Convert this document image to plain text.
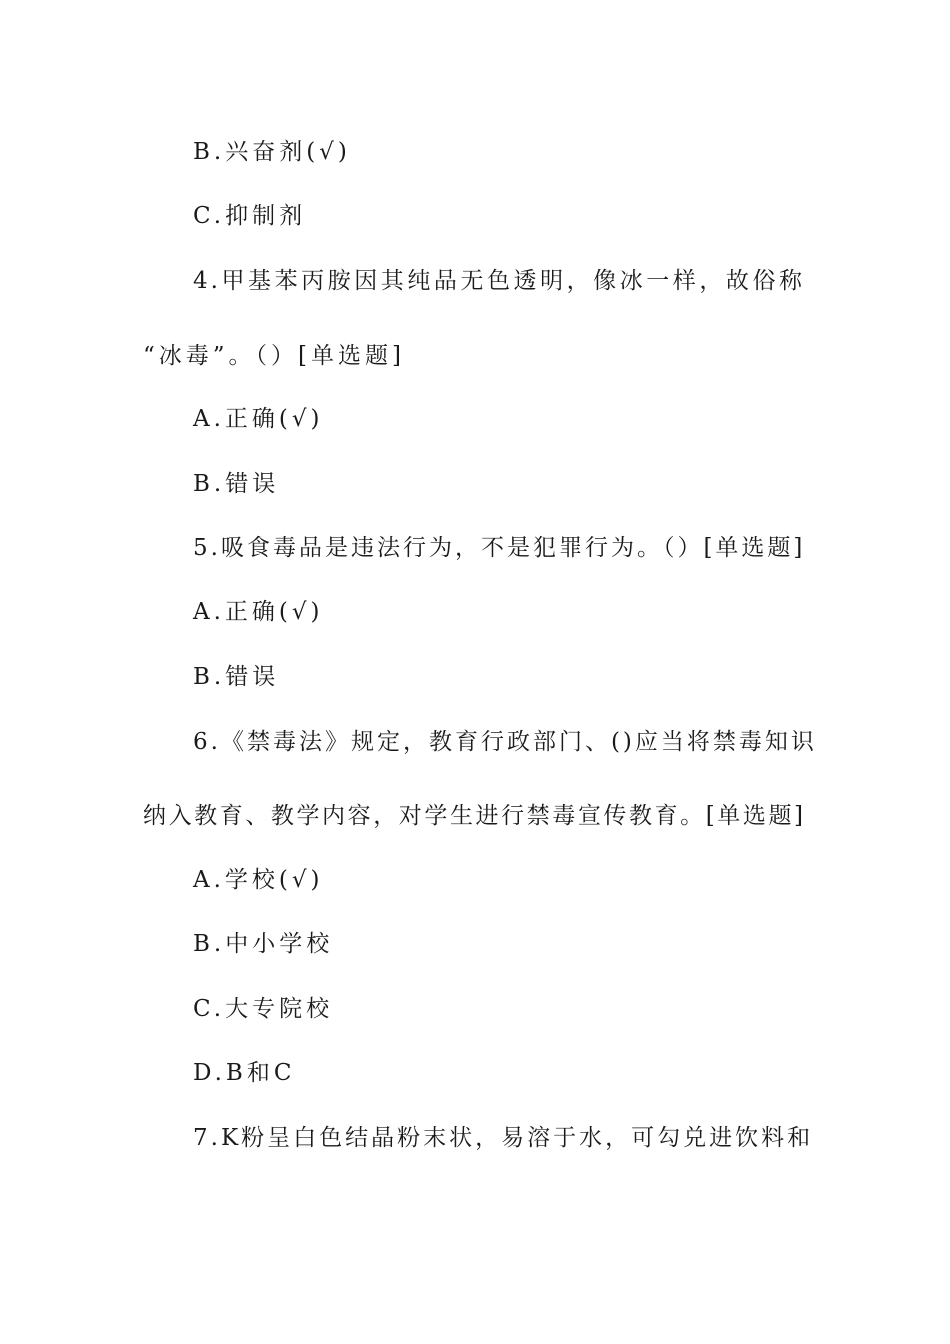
B.兴奋剂(√)

C.抑制剂

4.甲基苯丙胺因其纯品无色透明，像冰一样，故俗称

“冰毒”。（）[单选题]

A.正确(√)

B.错误

5.吸食毒品是违法行为，不是犯罪行为。（）[单选题]

A.正确(√)

B.错误

6.《禁毒法》规定，教育行政部门、()应当将禁毒知识

纳入教育、教学内容，对学生进行禁毒宣传教育。[单选题]

A.学校(√)

B.中小学校

C.大专院校

D.B和C

7.K粉呈白色结晶粉末状，易溶于水，可勾兑进饮料和
